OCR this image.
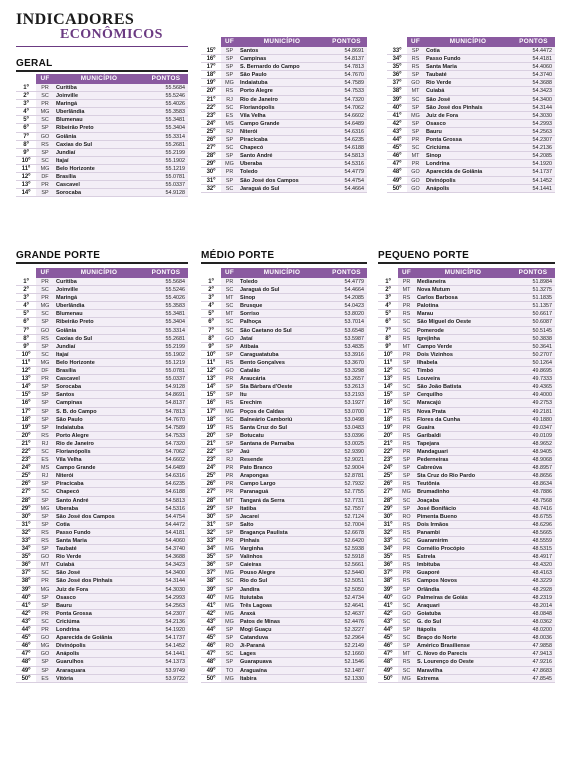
INDICADORES
ECONÔMICOS
GERAL
GRANDE PORTE	MÉDIO PORTE	PEQUENO PORTE
UF	MUNICÍPIO	PONTOS
1º	PR	Curitiba	55.5684
2º	SC	Joinville	55.5246
3º	PR	Maringá	55.4026
4º	MG	Uberlândia	55.3583
5º	SC	Blumenau	55.3481
6º	SP	Ribeirão Preto	55.3404
7º	GO	Goiânia	55.3314
8º	RS	Caxias do Sul	55.2681
9º	SP	Jundiaí	55.2199
10º	SC	Itajaí	55.1902
11º	MG	Belo Horizonte	55.1219
12º	DF	Brasília	55.0781
13º	PR	Cascavel	55.0337
14º	SP	Sorocaba	54.9128
UF	MUNICÍPIO	PONTOS
15º	SP	Santos	54.8691
16º	SP	Campinas	54.8137
17º	SP	S. Bernardo do Campo	54.7813
18º	SP	São Paulo	54.7670
19º	MG	Indaiatuba	54.7589
20º	RS	Porto Alegre	54.7533
21º	RJ	Rio de Janeiro	54.7320
22º	SC	Florianópolis	54.7062
23º	ES	Vila Velha	54.6602
24º	MS	Campo Grande	54.6489
25º	RJ	Niterói	54.6316
26º	SP	Piracicaba	54.6235
27º	SC	Chapecó	54.6188
28º	SP	Santo André	54.5813
29º	MG	Uberaba	54.5316
30º	PR	Toledo	54.4779
31º	SP	São José dos Campos	54.4754
32º	SC	Jaraguá do Sul	54.4664
UF	MUNICÍPIO	PONTOS
33º	SP	Cotia	54.4472
34º	RS	Passo Fundo	54.4181
35º	RS	Santa Maria	54.4060
36º	SP	Taubaté	54.3740
37º	GO	Rio Verde	54.3688
38º	MT	Cuiabá	54.3423
39º	SC	São José	54.3400
40º	SP	São José dos Pinhais	54.3144
41º	MG	Juiz de Fora	54.3030
42º	SP	Osasco	54.2993
43º	SP	Bauru	54.2563
44º	PR	Ponta Grossa	54.2307
45º	SC	Criciúma	54.2136
46º	MT	Sinop	54.2085
47º	PR	Londrina	54.1920
48º	GO	Aparecida de Goiânia	54.1737
49º	GO	Divinópolis	54.1452
50º	GO	Anápolis	54.1441
UF	MUNICÍPIO	PONTOS
1º	PR	Curitiba	55.5684
2º	SC	Joinville	55.5246
3º	PR	Maringá	55.4026
4º	MG	Uberlândia	55.3583
5º	SC	Blumenau	55.3481
6º	SP	Ribeirão Preto	55.3404
7º	GO	Goiânia	55.3314
8º	RS	Caxias do Sul	55.2681
9º	SP	Jundiaí	55.2199
10º	SC	Itajaí	55.1902
11º	MG	Belo Horizonte	55.1219
12º	DF	Brasília	55.0781
13º	PR	Cascavel	55.0337
14º	SP	Sorocaba	54.9128
15º	SP	Santos	54.8691
16º	SP	Campinas	54.8137
17º	SP	S. B. do Campo	54.7813
18º	SP	São Paulo	54.7670
19º	SP	Indaiatuba	54.7589
20º	RS	Porto Alegre	54.7533
21º	RJ	Rio de Janeiro	54.7320
22º	SC	Florianópolis	54.7062
23º	ES	Vila Velha	54.6602
24º	MS	Campo Grande	54.6489
25º	RJ	Niterói	54.6316
26º	SP	Piracicaba	54.6235
27º	SC	Chapecó	54.6188
28º	SP	Santo André	54.5813
29º	MG	Uberaba	54.5316
30º	SP	São José dos Campos	54.4754
31º	SP	Cotia	54.4472
32º	RS	Passo Fundo	54.4181
33º	RS	Santa Maria	54.4060
34º	SP	Taubaté	54.3740
35º	GO	Rio Verde	54.3688
36º	MT	Cuiabá	54.3423
37º	SC	São José	54.3400
38º	PR	São José dos Pinhais	54.3144
39º	MG	Juiz de Fora	54.3030
40º	SP	Osasco	54.2993
41º	SP	Bauru	54.2563
42º	PR	Ponta Grossa	54.2307
43º	SC	Criciúma	54.2136
44º	PR	Londrina	54.1920
45º	GO	Aparecida de Goiânia	54.1737
46º	MG	Divinópolis	54.1452
47º	GO	Anápolis	54.1441
48º	SP	Guarulhos	54.1373
49º	SP	Araraquara	53.9749
50º	ES	Vitória	53.9722
UF	MUNICÍPIO	PONTOS
1º	PR	Toledo	54.4779
2º	SC	Jaraguá do Sul	54.4664
3º	MT	Sinop	54.2085
4º	SC	Brusque	54.0423
5º	MT	Sorriso	53.8020
6º	SC	Palhoça	53.7014
7º	SC	São Caetano do Sul	53.6548
8º	GO	Jataí	53.5987
9º	SP	Atibaia	53.4835
10º	SP	Caraguatatuba	53.3916
11º	RS	Bento Gonçalves	53.3670
12º	GO	Catalão	53.3298
13º	PR	Araucária	53.2657
14º	SP	Sta Bárbara d'Oeste	53.2613
15º	SP	Itu	53.2193
16º	RS	Erechim	53.1927
17º	MG	Poços de Caldas	53.0700
18º	SC	Balneário Camboriú	53.0498
19º	RS	Santa Cruz do Sul	53.0483
20º	SP	Botucatu	53.0396
21º	SP	Santana de Parnaíba	53.0025
22º	SP	Jaú	52.9390
23º	RJ	Resende	52.9021
24º	PR	Pato Branco	52.9004
25º	PR	Arapongas	52.8781
26º	PR	Campo Largo	52.7932
27º	PR	Paranaguá	52.7755
28º	MT	Tangará da Serra	52.7731
29º	SP	Itatiba	52.7557
30º	SP	Jacareí	52.7124
31º	SP	Salto	52.7004
32º	SP	Bragança Paulista	52.6678
33º	PR	Pinhais	52.6420
34º	MG	Varginha	52.5938
35º	SP	Valinhos	52.5918
36º	SP	Caieiras	52.5661
37º	MG	Pouso Alegre	52.5440
38º	SC	Rio do Sul	52.5051
39º	SP	Jandira	52.5050
40º	MG	Ituiutaba	52.4734
41º	MG	Três Lagoas	52.4641
42º	MG	Araxá	52.4637
43º	MG	Patos de Minas	52.4476
44º	SP	Mogi Guaçu	52.3227
45º	SP	Catanduva	52.2964
46º	RO	Ji-Paraná	52.2149
47º	SC	Lages	52.1660
48º	SP	Guarapuava	52.1546
49º	TO	Araguaína	52.1487
50º	MG	Itabira	52.1330
UF	MUNICÍPIO	PONTOS
1º	PR	Medianeira	51.8984
2º	MT	Nova Mutum	51.3275
3º	RS	Carlos Barbosa	51.1835
4º	PR	Palotina	51.1357
5º	RS	Marau	50.6617
6º	SC	São Miguel do Oeste	50.6087
7º	SC	Pomerode	50.5145
8º	RS	Igrejinha	50.3838
9º	MT	Campo Verde	50.3641
10º	PR	Dois Vizinhos	50.2707
11º	SP	Ilhabela	50.1264
12º	SC	Timbó	49.8695
13º	RS	Louveira	49.7333
14º	SC	São João Batista	49.4365
15º	SP	Cerquilho	49.4000
16º	SC	Maracajú	49.2753
17º	RS	Nova Prata	49.2181
18º	RS	Flores da Cunha	49.1880
19º	PR	Guaíra	49.0347
20º	RS	Garibaldi	49.0109
21º	RS	Tapejara	48.9652
22º	PR	Mandaguari	48.9405
23º	SP	Pederneiras	48.9068
24º	SP	Cabreúva	48.8957
25º	SP	Sta Cruz do Rio Pardo	48.8656
26º	RS	Teutônia	48.8634
27º	MG	Brumadinho	48.7886
28º	SC	Joaçaba	48.7568
29º	SP	José Bonifácio	48.7416
30º	RO	Pimenta Bueno	48.6755
31º	RS	Dois Irmãos	48.6296
32º	RS	Panambi	48.5665
33º	SC	Guaramirim	48.5559
34º	PR	Cornélio Procópio	48.5315
35º	RS	Estrela	48.4917
36º	RS	Imbituba	48.4320
37º	PR	Guaporé	48.4163
38º	RS	Campos Novos	48.3229
39º	SP	Orlândia	48.2928
40º	GO	Palmeiras de Goiás	48.2319
41º	SC	Araquari	48.2014
42º	GO	Goiatuba	48.0848
43º	SC	G. do Sul	48.0362
44º	SP	Itápolis	48.0200
45º	SC	Braço do Norte	48.0036
46º	SP	Américo Brasiliense	47.9858
47º	MT	C. Novo do Parecis	47.9413
48º	RS	S. Lourenço do Oeste	47.9216
49º	SC	Maravilha	47.8683
50º	MG	Extrema	47.8545
